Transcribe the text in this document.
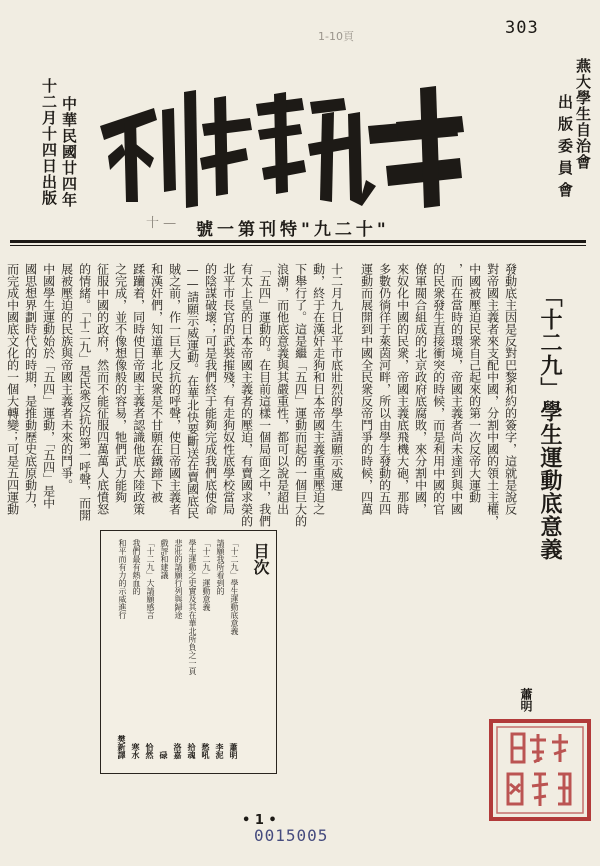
303
1-10頁
燕大學生自治會
出版委員會
中華民國廿四年
十二月十四日出版
十 — 號一第刊特"九二十"
「十二九」學生運動底意義
蕭明
發動底主因是反對巴黎和約的簽字，這就是說反
對帝國主義者來支配中國，分割中國的領土主權，
中國被壓迫民衆自己起來的第一次反帝大運動
，而在當時的環境，帝國主義者尚未達到與中國
的民衆發生直接衝突的時候，而是利用中國的官
僚軍閥合組成的北京政府底腐敗，來分割中國，
來奴化中國的民衆，帝國主義底飛機大砲，那時
多數仍徜徉于萊茵河畔，所以由學生發動的五四
運動而展開到中國全民衆反帝鬥爭的時候，四萬
十二月九日北平市底壯烈的學生請願示威運
動，終于在漢奸走狗和日本帝國主義重重壓迫之
下舉行了。這是繼「五四」運動而起的一個巨大的
浪潮，而他底意義與其嚴重性，都可以說是超出
「五四」運動的。在目前這樣一個局面之中，我們
有太上皇的日本帝國主義者的壓迫，有賣國求榮的
北平市長官的武裝摧殘，有走狗奴性底學校當局
的陰謀破壞；可是我們終于能夠完成我們底使命
——請願示威運動。在華北快要斷送在賣國底民
賊之前，作一巨大反抗的呼聲，使日帝國主義者
和漢奸們，知道華北民衆是不甘願在鐵蹄下被
蹂躪着，同時使日帝國主義者認識他底大陸政策
之完成，並不像想像般的容易，牠們武力能夠
征服中國的政府，然而不能征服四萬萬人底憤怒
的情緒。「十二九」是民衆反抗的第一呼聲，而開
展被壓迫的民族與帝國主義者未來的鬥爭。
中國學生運動始於「五四」運動，「五四」是中
國思想界劃時代的時期，是推動歷史底原動力，
而完成中國底文化的一個大轉變；可是五四運動
目次
「十二九」學生運動底意義
蕭明
請願我所看到的
李泥
「十二九」運動意義
愁吼
學生運動之史實及其在華北所負之一頁
拾魂
悲壯的請願行列與歸途
洛嘉
戲評和建議
碌
「十二九」大請願感言
恰然
我們最有熱血的
寒水
和平而有力的示威進行
樊新譯
• 1 •
0015005
